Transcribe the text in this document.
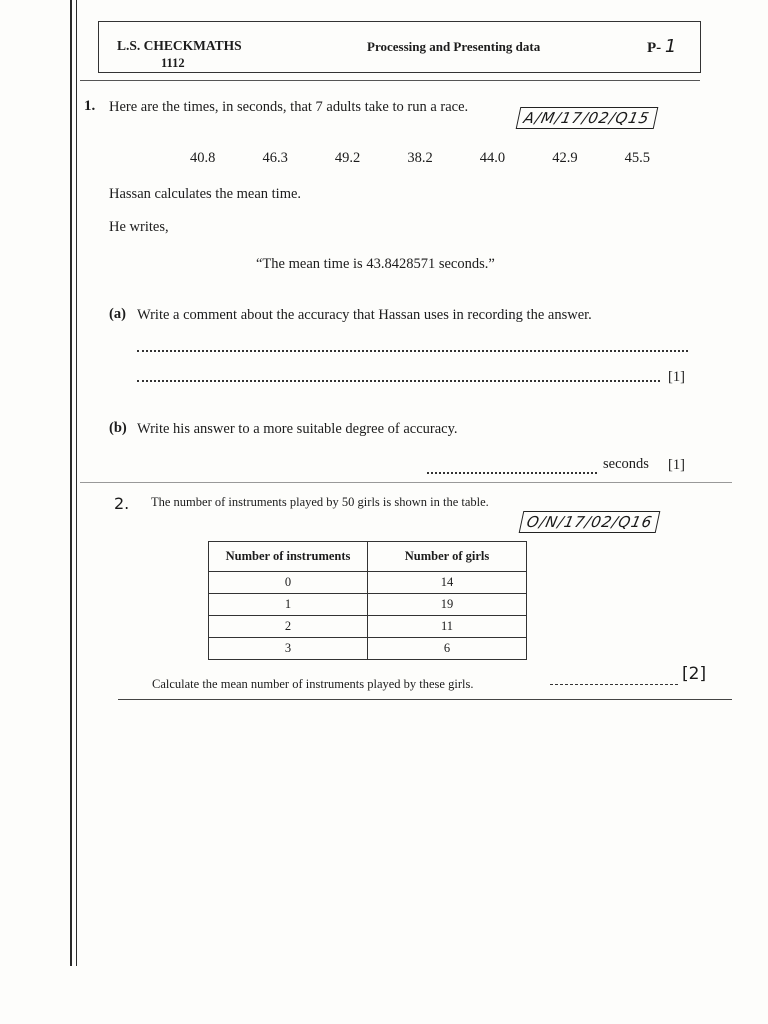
L.S. CHECKMATHS
1112
Processing and Presenting data	P- 1
1. Here are the times, in seconds, that 7 adults take to run a race.
A/M/17/02/Q15
40.8	46.3	49.2	38.2	44.0	42.9	45.5
Hassan calculates the mean time.
He writes,
“The mean time is 43.8428571 seconds.”
(a) Write a comment about the accuracy that Hassan uses in recording the answer.
[1]
(b) Write his answer to a more suitable degree of accuracy.
seconds [1]
2. The number of instruments played by 50 girls is shown in the table.
O/N/17/02/Q16
Number of instruments	Number of girls
0	14
1	19
2	11
3	6
Calculate the mean number of instruments played by these girls.	[2]
